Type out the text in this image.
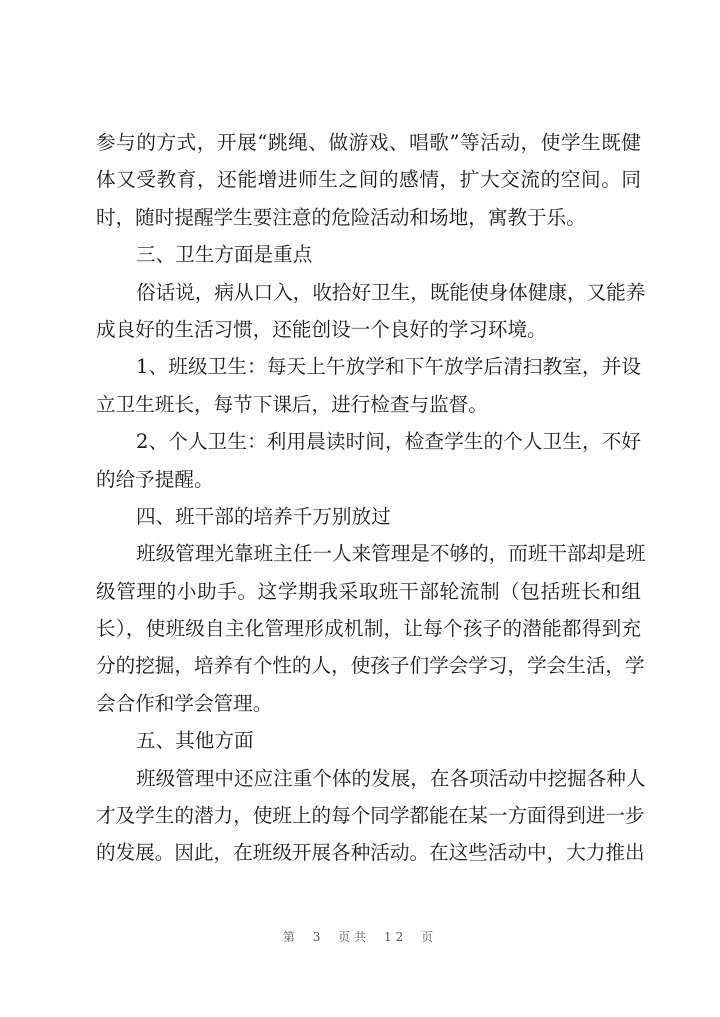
参与的方式，开展“跳绳、做游戏、唱歌”等活动，使学生既健
体又受教育，还能增进师生之间的感情，扩大交流的空间。同
时，随时提醒学生要注意的危险活动和场地，寓教于乐。
三、卫生方面是重点
俗话说，病从口入，收拾好卫生，既能使身体健康，又能养
成良好的生活习惯，还能创设一个良好的学习环境。
1、班级卫生：每天上午放学和下午放学后清扫教室，并设
立卫生班长，每节下课后，进行检查与监督。
2、个人卫生：利用晨读时间，检查学生的个人卫生，不好
的给予提醒。
四、班干部的培养千万别放过
班级管理光靠班主任一人来管理是不够的，而班干部却是班
级管理的小助手。这学期我采取班干部轮流制（包括班长和组
长），使班级自主化管理形成机制，让每个孩子的潜能都得到充
分的挖掘，培养有个性的人，使孩子们学会学习，学会生活，学
会合作和学会管理。
五、其他方面
班级管理中还应注重个体的发展，在各项活动中挖掘各种人
才及学生的潜力，使班上的每个同学都能在某一方面得到进一步
的发展。因此，在班级开展各种活动。在这些活动中，大力推出
第 3 页共 12 页
